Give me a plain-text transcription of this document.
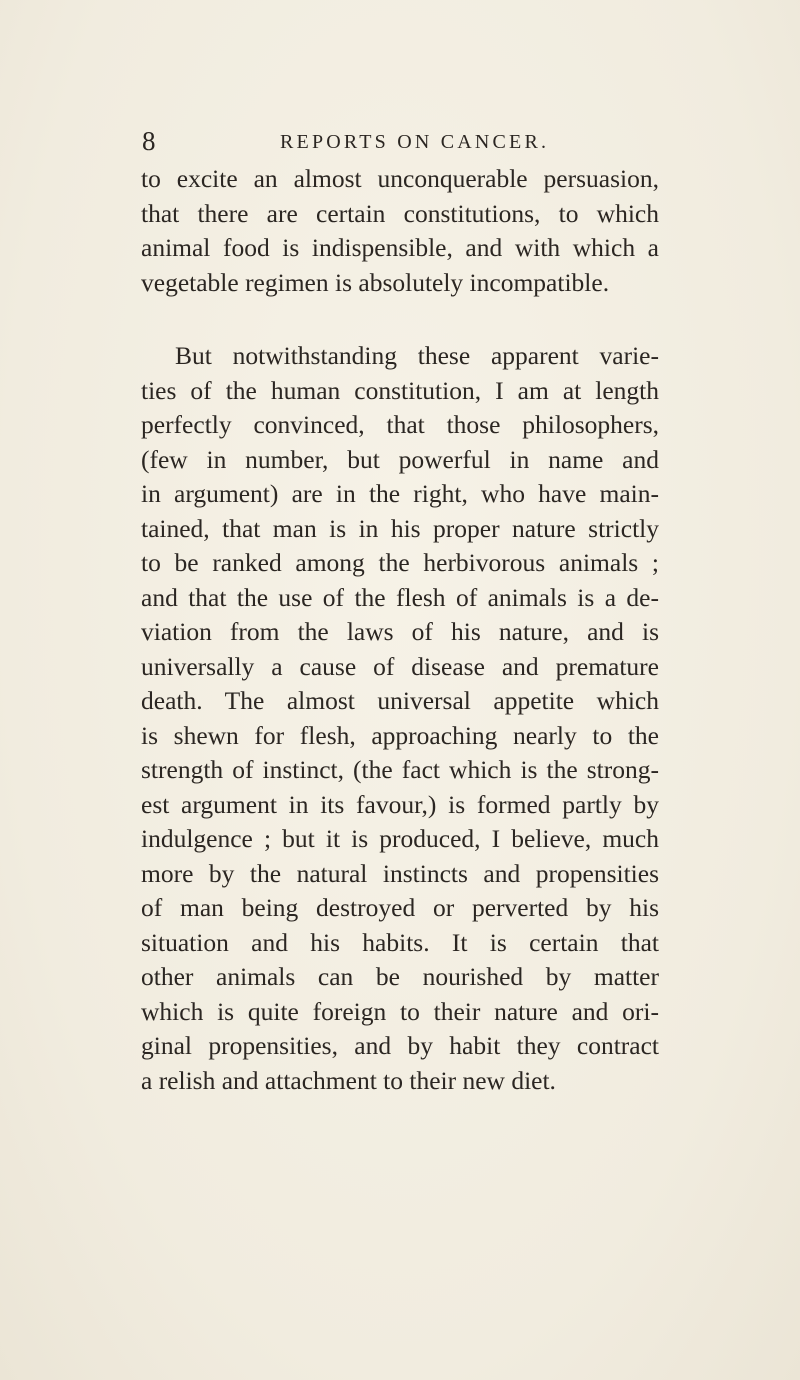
8	REPORTS ON CANCER.
to excite an almost unconquerable persuasion,
that there are certain constitutions, to which
animal food is indispensible, and with which a
vegetable regimen is absolutely incompatible.
But notwithstanding these apparent varie-
ties of the human constitution, I am at length
perfectly convinced, that those philosophers,
(few in number, but powerful in name and
in argument) are in the right, who have main-
tained, that man is in his proper nature strictly
to be ranked among the herbivorous animals ;
and that the use of the flesh of animals is a de-
viation from the laws of his nature, and is
universally a cause of disease and premature
death. The almost universal appetite which
is shewn for flesh, approaching nearly to the
strength of instinct, (the fact which is the strong-
est argument in its favour,) is formed partly by
indulgence ; but it is produced, I believe, much
more by the natural instincts and propensities
of man being destroyed or perverted by his
situation and his habits. It is certain that
other animals can be nourished by matter
which is quite foreign to their nature and ori-
ginal propensities, and by habit they contract
a relish and attachment to their new diet.
